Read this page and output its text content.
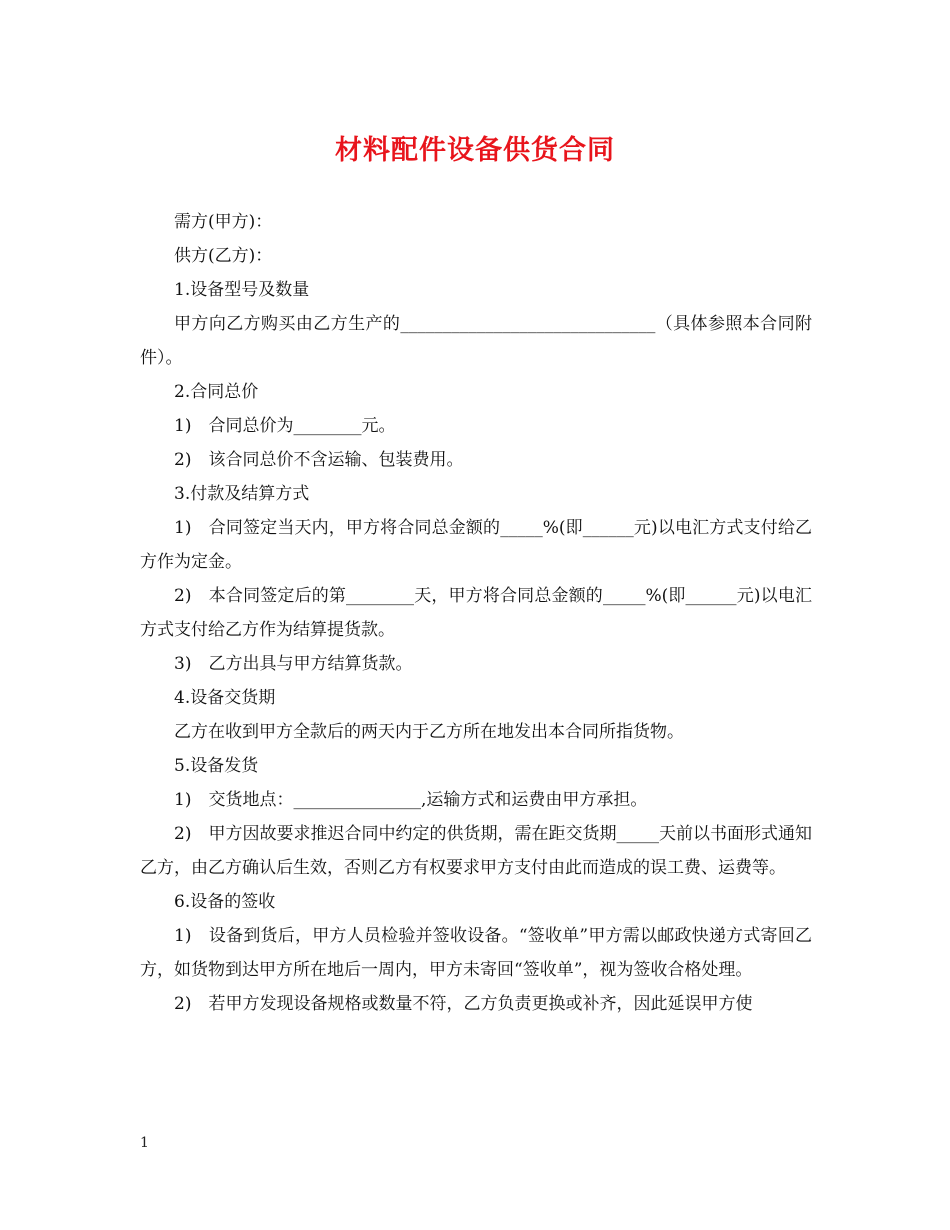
材料配件设备供货合同

需方(甲方)：

供方(乙方)：

1.设备型号及数量

甲方向乙方购买由乙方生产的______________________________（具体参照本合同附件）。

2.合同总价

1)　合同总价为________元。

2)　该合同总价不含运输、包装费用。

3.付款及结算方式

1)　合同签定当天内，甲方将合同总金额的_____%(即______元)以电汇方式支付给乙方作为定金。

2)　本合同签定后的第________天，甲方将合同总金额的_____%(即______元)以电汇方式支付给乙方作为结算提货款。

3)　乙方出具与甲方结算货款。

4.设备交货期

乙方在收到甲方全款后的两天内于乙方所在地发出本合同所指货物。

5.设备发货

1)　交货地点：_______________,运输方式和运费由甲方承担。

2)　甲方因故要求推迟合同中约定的供货期，需在距交货期_____天前以书面形式通知乙方，由乙方确认后生效，否则乙方有权要求甲方支付由此而造成的误工费、运费等。

6.设备的签收

1)　设备到货后，甲方人员检验并签收设备。“签收单”甲方需以邮政快递方式寄回乙方，如货物到达甲方所在地后一周内，甲方未寄回“签收单”，视为签收合格处理。

2)　若甲方发现设备规格或数量不符，乙方负责更换或补齐，因此延误甲方使

1
